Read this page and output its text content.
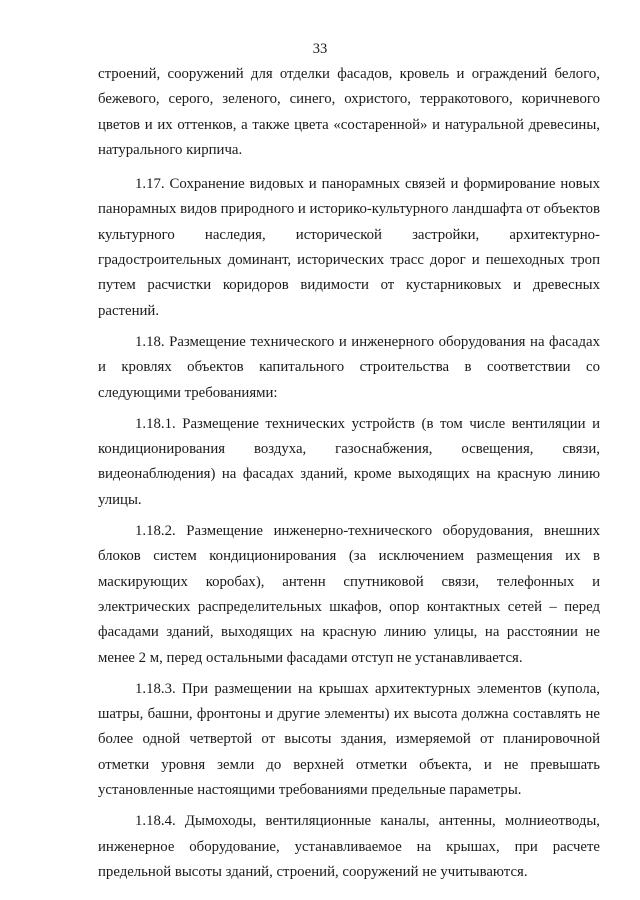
33

строений, сооружений для отделки фасадов, кровель и ограждений белого, бежевого, серого, зеленого, синего, охристого, терракотового, коричневого цветов и их оттенков, а также цвета «состаренной» и натуральной древесины, натурального кирпича.

1.17. Сохранение видовых и панорамных связей и формирование новых панорамных видов природного и историко-культурного ландшафта от объектов культурного наследия, исторической застройки, архитектурно-градостроительных доминант, исторических трасс дорог и пешеходных троп путем расчистки коридоров видимости от кустарниковых и древесных растений.

1.18. Размещение технического и инженерного оборудования на фасадах и кровлях объектов капитального строительства в соответствии со следующими требованиями:

1.18.1. Размещение технических устройств (в том числе вентиляции и кондиционирования воздуха, газоснабжения, освещения, связи, видеонаблюдения) на фасадах зданий, кроме выходящих на красную линию улицы.

1.18.2. Размещение инженерно-технического оборудования, внешних блоков систем кондиционирования (за исключением размещения их в маскирующих коробах), антенн спутниковой связи, телефонных и электрических распределительных шкафов, опор контактных сетей – перед фасадами зданий, выходящих на красную линию улицы, на расстоянии не менее 2 м, перед остальными фасадами отступ не устанавливается.

1.18.3. При размещении на крышах архитектурных элементов (купола, шатры, башни, фронтоны и другие элементы) их высота должна составлять не более одной четвертой от высоты здания, измеряемой от планировочной отметки уровня земли до верхней отметки объекта, и не превышать установленные настоящими требованиями предельные параметры.

1.18.4. Дымоходы, вентиляционные каналы, антенны, молниеотводы, инженерное оборудование, устанавливаемое на крышах, при расчете предельной высоты зданий, строений, сооружений не учитываются.
